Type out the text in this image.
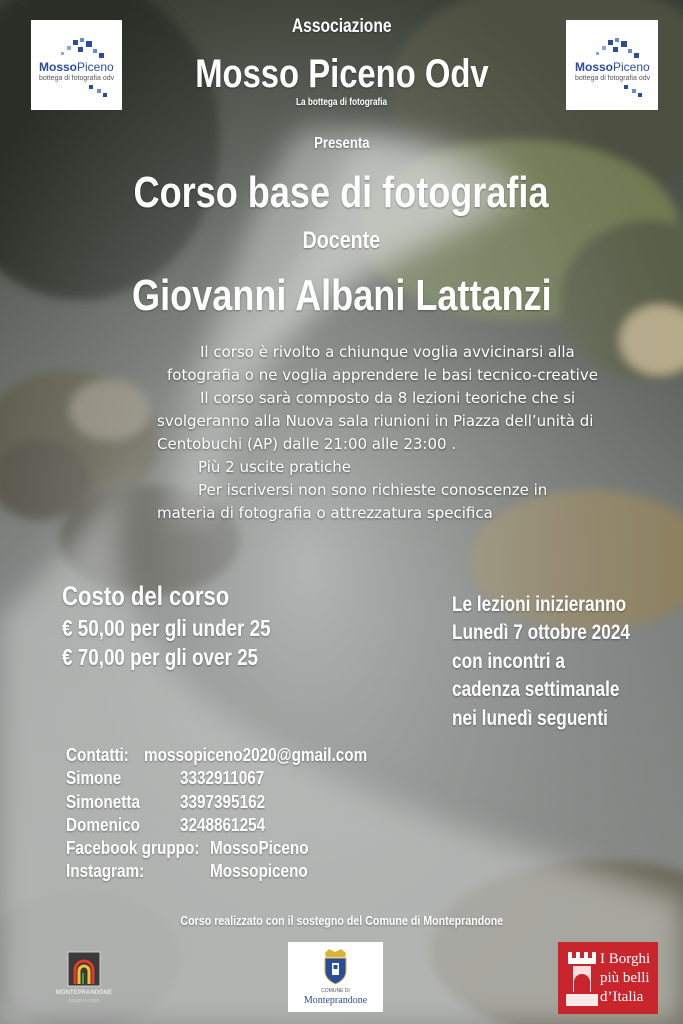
MossoPiceno
bottega di fotografia odv
MossoPiceno
bottega di fotografia odv
Associazione
Mosso Piceno Odv
La bottega di fotografia
Presenta
Corso base di fotografia
Docente
Giovanni Albani Lattanzi
Il corso è rivolto a chiunque voglia avvicinarsi alla
fotografia o ne voglia apprendere le basi tecnico-creative
Il corso sarà composto da 8 lezioni teoriche che si
svolgeranno alla Nuova sala riunioni in Piazza dell’unità di
Centobuchi (AP) dalle 21:00 alle 23:00 .
Più 2 uscite pratiche
Per iscriversi non sono richieste conoscenze in
materia di fotografia o attrezzatura specifica
Costo del corso
€ 50,00 per gli under 25
€ 70,00 per gli over 25
Le lezioni inizieranno
Lunedì 7 ottobre 2024
con incontri a
cadenza settimanale
nei lunedì seguenti
Contatti: mossopiceno2020@gmail.com
Simone	3332911067
Simonetta 3397395162
Domenico 3248861254
Facebook gruppo: MossoPiceno
Instagram:	Mossopiceno
Corso realizzato con il sostegno del Comune di Monteprandone
MONTEPRANDONE
borgo a colori
COMUNE DI
Monteprandone
I Borghi
più belli
d’Italia
